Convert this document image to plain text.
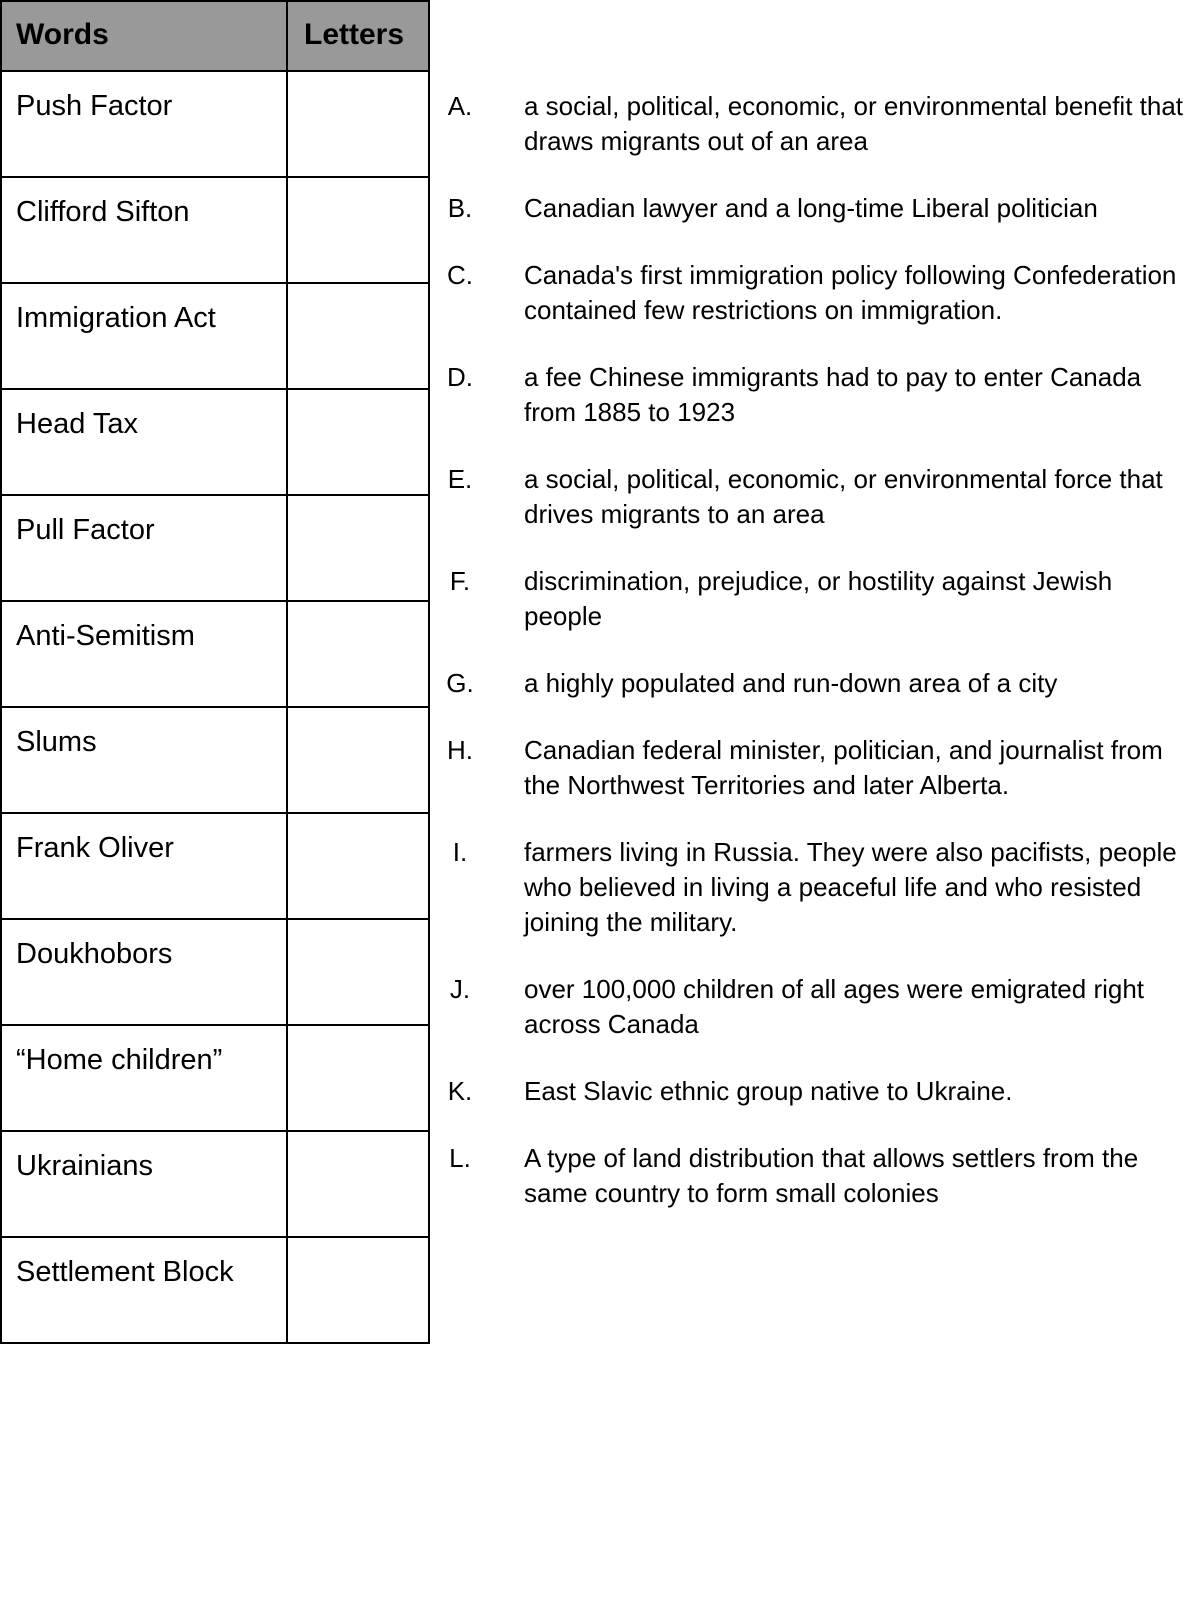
Words	Letters
Push Factor	
Clifford Sifton	
Immigration Act	
Head Tax	
Pull Factor	
Anti-Semitism	
Slums	
Frank Oliver	
Doukhobors	
“Home children”	
Ukrainians	
Settlement Block	
A. a social, political, economic, or environmental benefit that draws migrants out of an area
B. Canadian lawyer and a long-time Liberal politician
C. Canada's first immigration policy following Confederation contained few restrictions on immigration.
D. a fee Chinese immigrants had to pay to enter Canada from 1885 to 1923
E. a social, political, economic, or environmental force that drives migrants to an area
F.	discrimination, prejudice, or hostility against Jewish people
G. a highly populated and run-down area of a city
H. Canadian federal minister, politician, and journalist from the Northwest Territories and later Alberta.
I.	farmers living in Russia. They were also pacifists, people who believed in living a peaceful life and who resisted joining the military.
J.	over 100,000 children of all ages were emigrated right across Canada
K. East Slavic ethnic group native to Ukraine.
L.	A type of land distribution that allows settlers from the same country to form small colonies
